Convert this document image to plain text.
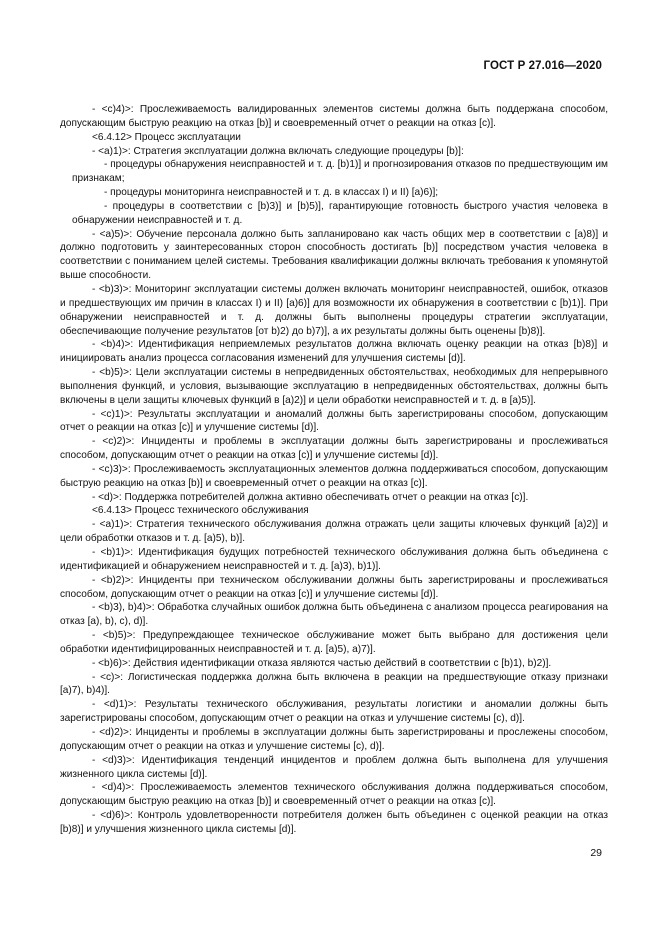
ГОСТ Р 27.016—2020

- <c)4)>: Прослеживаемость валидированных элементов системы должна быть поддержана способом, допускающим быструю реакцию на отказ [b)] и своевременный отчет о реакции на отказ [c)].

<6.4.12> Процесс эксплуатации

- <a)1)>: Стратегия эксплуатации должна включать следующие процедуры [b)]:

- процедуры обнаружения неисправностей и т. д. [b)1)] и прогнозирования отказов по предшествующим им признакам;

- процедуры мониторинга неисправностей и т. д. в классах I) и II) [a)6)];

- процедуры в соответствии с [b)3)] и [b)5)], гарантирующие готовность быстрого участия человека в обнаружении неисправностей и т. д.

- <a)5)>: Обучение персонала должно быть запланировано как часть общих мер в соответствии с [a)8)] и должно подготовить у заинтересованных сторон способность достигать [b)] посредством участия человека в соответствии с пониманием целей системы. Требования квалификации должны включать требования к упомянутой выше способности.

- <b)3)>: Мониторинг эксплуатации системы должен включать мониторинг неисправностей, ошибок, отказов и предшествующих им причин в классах I) и II) [a)6)] для возможности их обнаружения в соответствии с [b)1)]. При обнаружении неисправностей и т. д. должны быть выполнены процедуры стратегии эксплуатации, обеспечивающие получение результатов [от b)2) до b)7)], а их результаты должны быть оценены [b)8)].

- <b)4)>: Идентификация неприемлемых результатов должна включать оценку реакции на отказ [b)8)] и инициировать анализ процесса согласования изменений для улучшения системы [d)].

- <b)5)>: Цели эксплуатации системы в непредвиденных обстоятельствах, необходимых для непрерывного выполнения функций, и условия, вызывающие эксплуатацию в непредвиденных обстоятельствах, должны быть включены в цели защиты ключевых функций в [a)2)] и цели обработки неисправностей и т. д. в [a)5)].

- <c)1)>: Результаты эксплуатации и аномалий должны быть зарегистрированы способом, допускающим отчет о реакции на отказ [c)] и улучшение системы [d)].

- <c)2)>: Инциденты и проблемы в эксплуатации должны быть зарегистрированы и прослеживаться способом, допускающим отчет о реакции на отказ [c)] и улучшение системы [d)].

- <c)3)>: Прослеживаемость эксплуатационных элементов должна поддерживаться способом, допускающим быструю реакцию на отказ [b)] и своевременный отчет о реакции на отказ [c)].

- <d)>: Поддержка потребителей должна активно обеспечивать отчет о реакции на отказ [c)].

<6.4.13> Процесс технического обслуживания

- <a)1)>: Стратегия технического обслуживания должна отражать цели защиты ключевых функций [a)2)] и цели обработки отказов и т. д. [a)5), b)].

- <b)1)>: Идентификация будущих потребностей технического обслуживания должна быть объединена с идентификацией и обнаружением неисправностей и т. д. [a)3), b)1)].

- <b)2)>: Инциденты при техническом обслуживании должны быть зарегистрированы и прослеживаться способом, допускающим отчет о реакции на отказ [c)] и улучшение системы [d)].

- <b)3), b)4)>: Обработка случайных ошибок должна быть объединена с анализом процесса реагирования на отказ [a), b), c), d)].

- <b)5)>: Предупреждающее техническое обслуживание может быть выбрано для достижения цели обработки идентифицированных неисправностей и т. д. [a)5), a)7)].

- <b)6)>: Действия идентификации отказа являются частью действий в соответствии с [b)1), b)2)].

- <c)>: Логистическая поддержка должна быть включена в реакции на предшествующие отказу признаки [a)7), b)4)].

- <d)1)>: Результаты технического обслуживания, результаты логистики и аномалии должны быть зарегистрированы способом, допускающим отчет о реакции на отказ и улучшение системы [c), d)].

- <d)2)>: Инциденты и проблемы в эксплуатации должны быть зарегистрированы и прослежены способом, допускающим отчет о реакции на отказ и улучшение системы [c), d)].

- <d)3)>: Идентификация тенденций инцидентов и проблем должна быть выполнена для улучшения жизненного цикла системы [d)].

- <d)4)>: Прослеживаемость элементов технического обслуживания должна поддерживаться способом, допускающим быструю реакцию на отказ [b)] и своевременный отчет о реакции на отказ [c)].

- <d)6)>: Контроль удовлетворенности потребителя должен быть объединен с оценкой реакции на отказ [b)8)] и улучшения жизненного цикла системы [d)].

29
